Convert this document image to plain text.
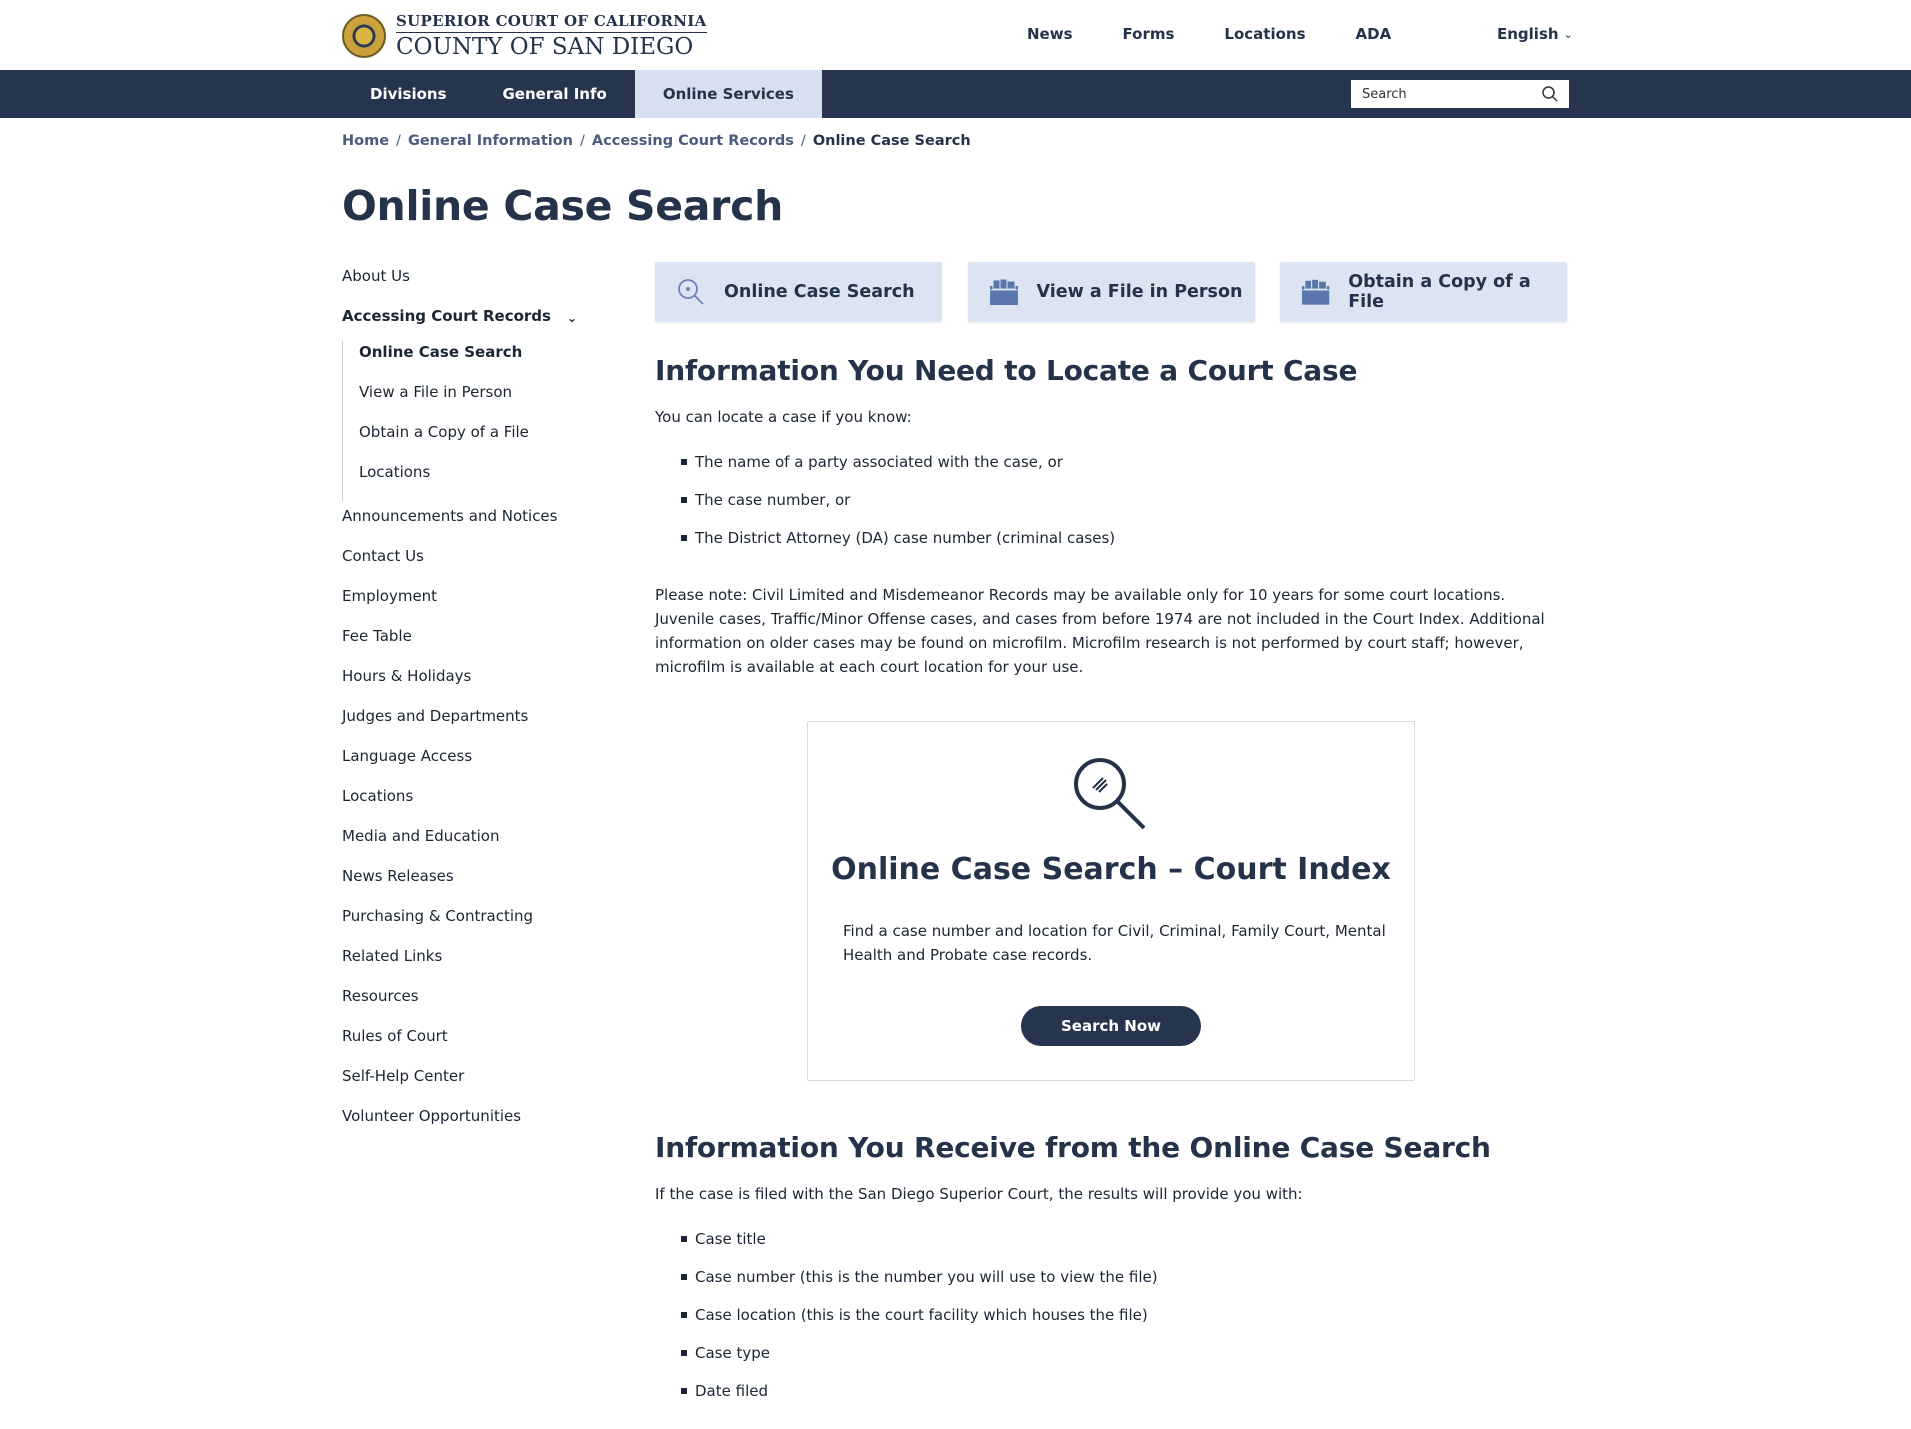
SUPERIOR COURT OF CALIFORNIA
COUNTY OF SAN DIEGO	News	Forms	Locations	ADA	English ⌄
Divisions	General Info	Online Services
Search
Home / General Information / Accessing Court Records / Online Case Search
Online Case Search
About Us
Accessing Court Records ⌄
Online Case Search
View a File in Person
Obtain a Copy of a File
Locations
Announcements and Notices
Contact Us
Employment
Fee Table
Hours & Holidays
Judges and Departments
Language Access
Locations
Media and Education
News Releases
Purchasing & Contracting
Related Links
Resources
Rules of Court
Self-Help Center
Volunteer Opportunities
Online Case Search	View a File in Person	Obtain a Copy of a File
Information You Need to Locate a Court Case

You can locate a case if you know:

The name of a party associated with the case, or
The case number, or
The District Attorney (DA) case number (criminal cases)

Please note: Civil Limited and Misdemeanor Records may be available only for 10 years for some court locations. Juvenile cases, Traffic/Minor Offense cases, and cases from before 1974 are not included in the Court Index. Additional information on older cases may be found on microfilm. Microfilm research is not performed by court staff; however, microfilm is available at each court location for your use.

Online Case Search – Court Index

Find a case number and location for Civil, Criminal, Family Court, Mental Health and Probate case records.

Search Now
Information You Receive from the Online Case Search

If the case is filed with the San Diego Superior Court, the results will provide you with:

Case title
Case number (this is the number you will use to view the file)
Case location (this is the court facility which houses the file)
Case type
Date filed
